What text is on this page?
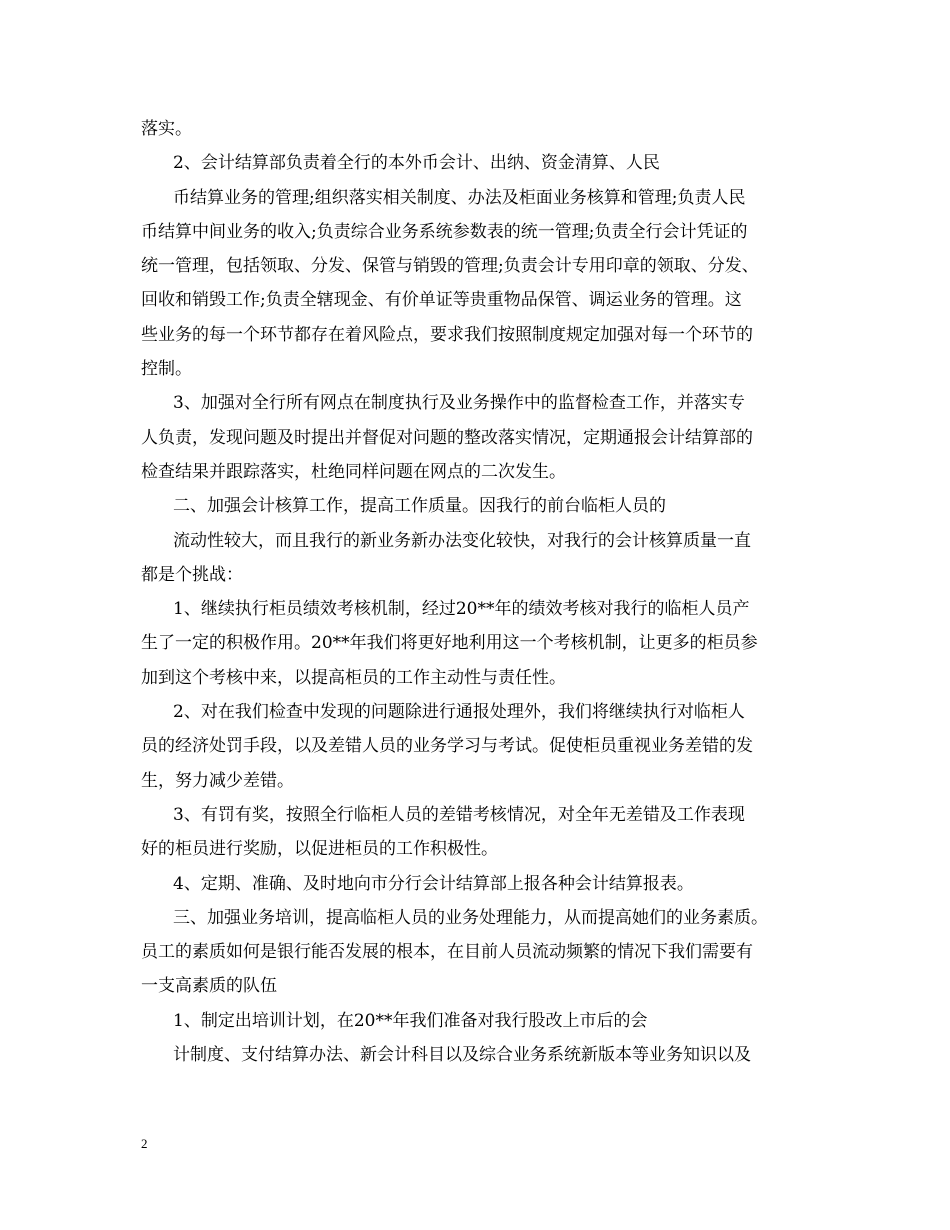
落实。
2、会计结算部负责着全行的本外币会计、出纳、资金清算、人民
币结算业务的管理;组织落实相关制度、办法及柜面业务核算和管理;负责人民
币结算中间业务的收入;负责综合业务系统参数表的统一管理;负责全行会计凭证的
统一管理，包括领取、分发、保管与销毁的管理;负责会计专用印章的领取、分发、
回收和销毁工作;负责全辖现金、有价单证等贵重物品保管、调运业务的管理。这
些业务的每一个环节都存在着风险点，要求我们按照制度规定加强对每一个环节的
控制。
3、加强对全行所有网点在制度执行及业务操作中的监督检查工作，并落实专
人负责，发现问题及时提出并督促对问题的整改落实情况，定期通报会计结算部的
检查结果并跟踪落实，杜绝同样问题在网点的二次发生。
二、加强会计核算工作，提高工作质量。因我行的前台临柜人员的
流动性较大，而且我行的新业务新办法变化较快，对我行的会计核算质量一直
都是个挑战：
1、继续执行柜员绩效考核机制，经过20**年的绩效考核对我行的临柜人员产
生了一定的积极作用。20**年我们将更好地利用这一个考核机制，让更多的柜员参
加到这个考核中来，以提高柜员的工作主动性与责任性。
2、对在我们检查中发现的问题除进行通报处理外，我们将继续执行对临柜人
员的经济处罚手段，以及差错人员的业务学习与考试。促使柜员重视业务差错的发
生，努力减少差错。
3、有罚有奖，按照全行临柜人员的差错考核情况，对全年无差错及工作表现
好的柜员进行奖励，以促进柜员的工作积极性。
4、定期、准确、及时地向市分行会计结算部上报各种会计结算报表。
三、加强业务培训，提高临柜人员的业务处理能力，从而提高她们的业务素质。
员工的素质如何是银行能否发展的根本，在目前人员流动频繁的情况下我们需要有
一支高素质的队伍
1、制定出培训计划，在20**年我们准备对我行股改上市后的会
计制度、支付结算办法、新会计科目以及综合业务系统新版本等业务知识以及
2
